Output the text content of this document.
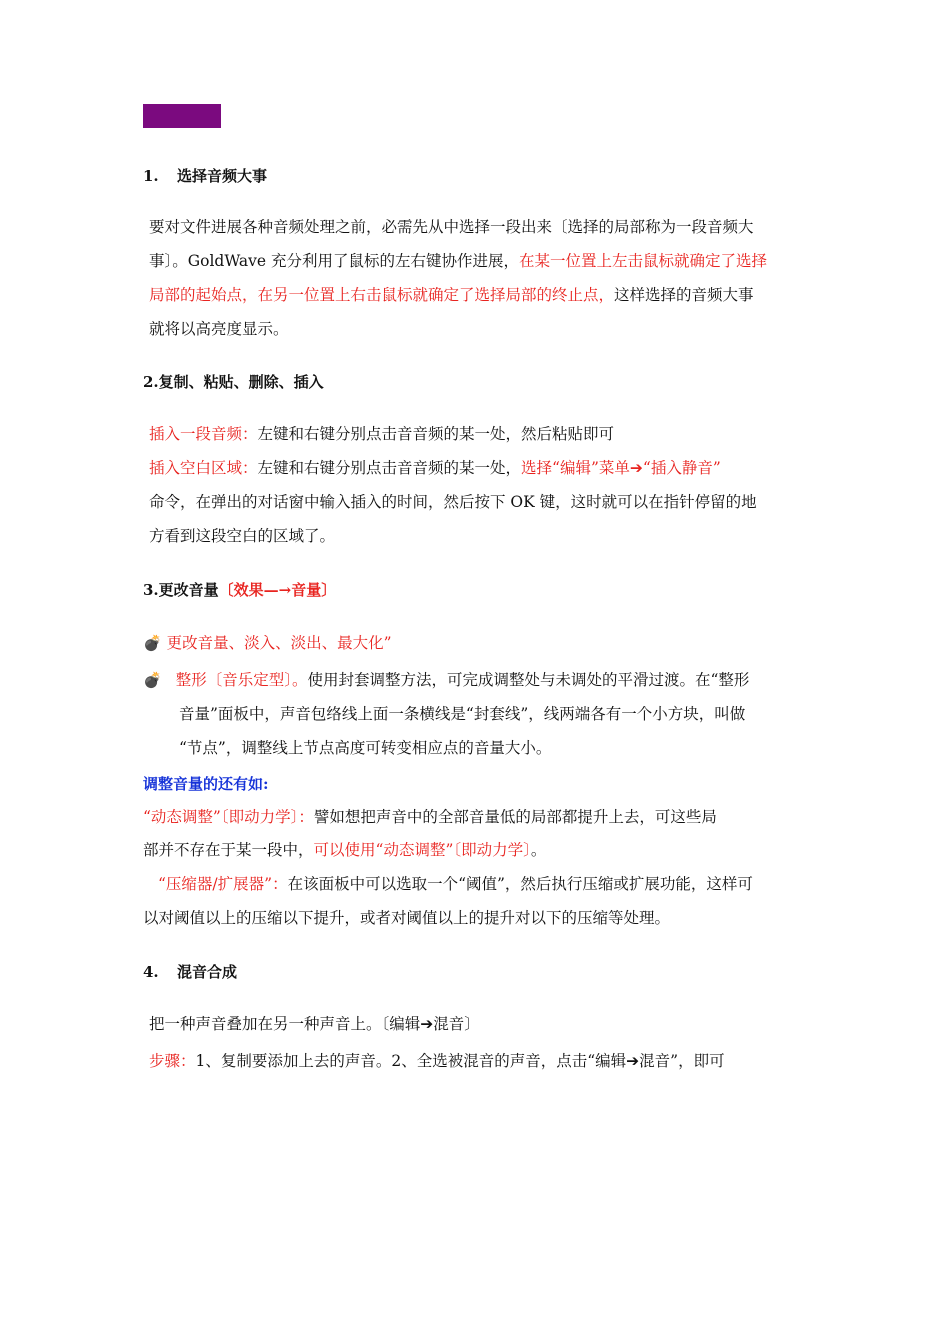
1. 选择音频大事
要对文件进展各种音频处理之前，必需先从中选择一段出来〔选择的局部称为一段音频大
事〕。GoldWave 充分利用了鼠标的左右键协作进展，在某一位置上左击鼠标就确定了选择
局部的起始点，在另一位置上右击鼠标就确定了选择局部的终止点，这样选择的音频大事
就将以高亮度显示。
2.复制、粘贴、删除、插入
插入一段音频：左键和右键分别点击音音频的某一处，然后粘贴即可
插入空白区域：左键和右键分别点击音音频的某一处，选择“编辑”菜单➔“插入静音”
命令，在弹出的对话窗中输入插入的时间，然后按下 OK 键，这时就可以在指针停留的地
方看到这段空白的区域了。
3.更改音量〔效果—→音量〕
💣 更改音量、淡入、淡出、最大化”
💣 整形〔音乐定型〕。使用封套调整方法，可完成调整处与未调处的平滑过渡。在“整形
音量”面板中，声音包络线上面一条横线是“封套线”，线两端各有一个小方块，叫做
“节点”，调整线上节点高度可转变相应点的音量大小。
调整音量的还有如:
“动态调整”〔即动力学〕：譬如想把声音中的全部音量低的局部都提升上去，可这些局
部并不存在于某一段中，可以使用“动态调整”〔即动力学〕。
“压缩器/扩展器”：在该面板中可以选取一个“阈值”，然后执行压缩或扩展功能，这样可
以对阈值以上的压缩以下提升，或者对阈值以上的提升对以下的压缩等处理。
4. 混音合成
把一种声音叠加在另一种声音上。〔编辑➔混音〕
步骤：1、复制要添加上去的声音。2、全选被混音的声音，点击“编辑➔混音”，即可
